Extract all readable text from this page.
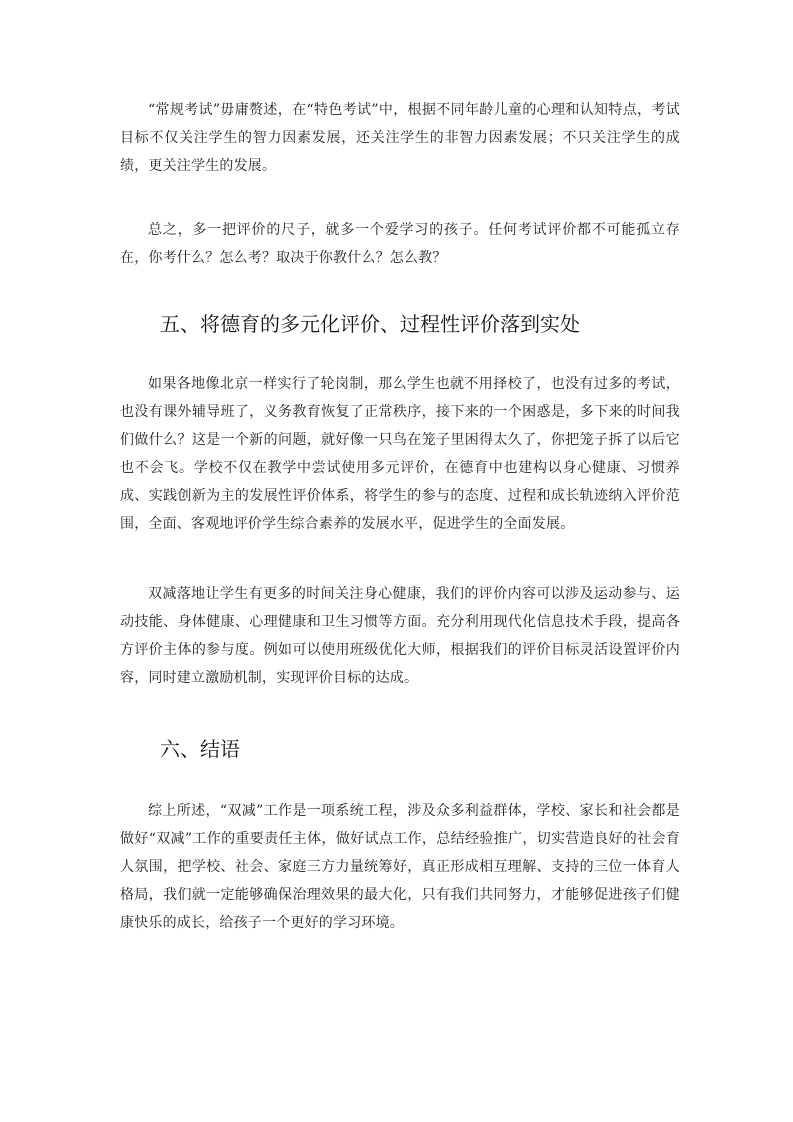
“常规考试”毋庸赘述，在“特色考试”中，根据不同年龄儿童的心理和认知特点，考试目标不仅关注学生的智力因素发展，还关注学生的非智力因素发展；不只关注学生的成绩，更关注学生的发展。

总之，多一把评价的尺子，就多一个爱学习的孩子。任何考试评价都不可能孤立存在，你考什么？怎么考？取决于你教什么？怎么教？

五、将德育的多元化评价、过程性评价落到实处

如果各地像北京一样实行了轮岗制，那么学生也就不用择校了，也没有过多的考试，也没有课外辅导班了，义务教育恢复了正常秩序，接下来的一个困惑是，多下来的时间我们做什么？这是一个新的问题，就好像一只鸟在笼子里困得太久了，你把笼子拆了以后它也不会飞。学校不仅在教学中尝试使用多元评价，在德育中也建构以身心健康、习惯养成、实践创新为主的发展性评价体系，将学生的参与的态度、过程和成长轨迹纳入评价范围，全面、客观地评价学生综合素养的发展水平，促进学生的全面发展。

双减落地让学生有更多的时间关注身心健康，我们的评价内容可以涉及运动参与、运动技能、身体健康、心理健康和卫生习惯等方面。充分利用现代化信息技术手段，提高各方评价主体的参与度。例如可以使用班级优化大师，根据我们的评价目标灵活设置评价内容，同时建立激励机制，实现评价目标的达成。

六、结语

综上所述，“双减”工作是一项系统工程，涉及众多利益群体，学校、家长和社会都是做好“双减”工作的重要责任主体，做好试点工作，总结经验推广，切实营造良好的社会育人氛围，把学校、社会、家庭三方力量统筹好，真正形成相互理解、支持的三位一体育人格局，我们就一定能够确保治理效果的最大化，只有我们共同努力，才能够促进孩子们健康快乐的成长，给孩子一个更好的学习环境。
